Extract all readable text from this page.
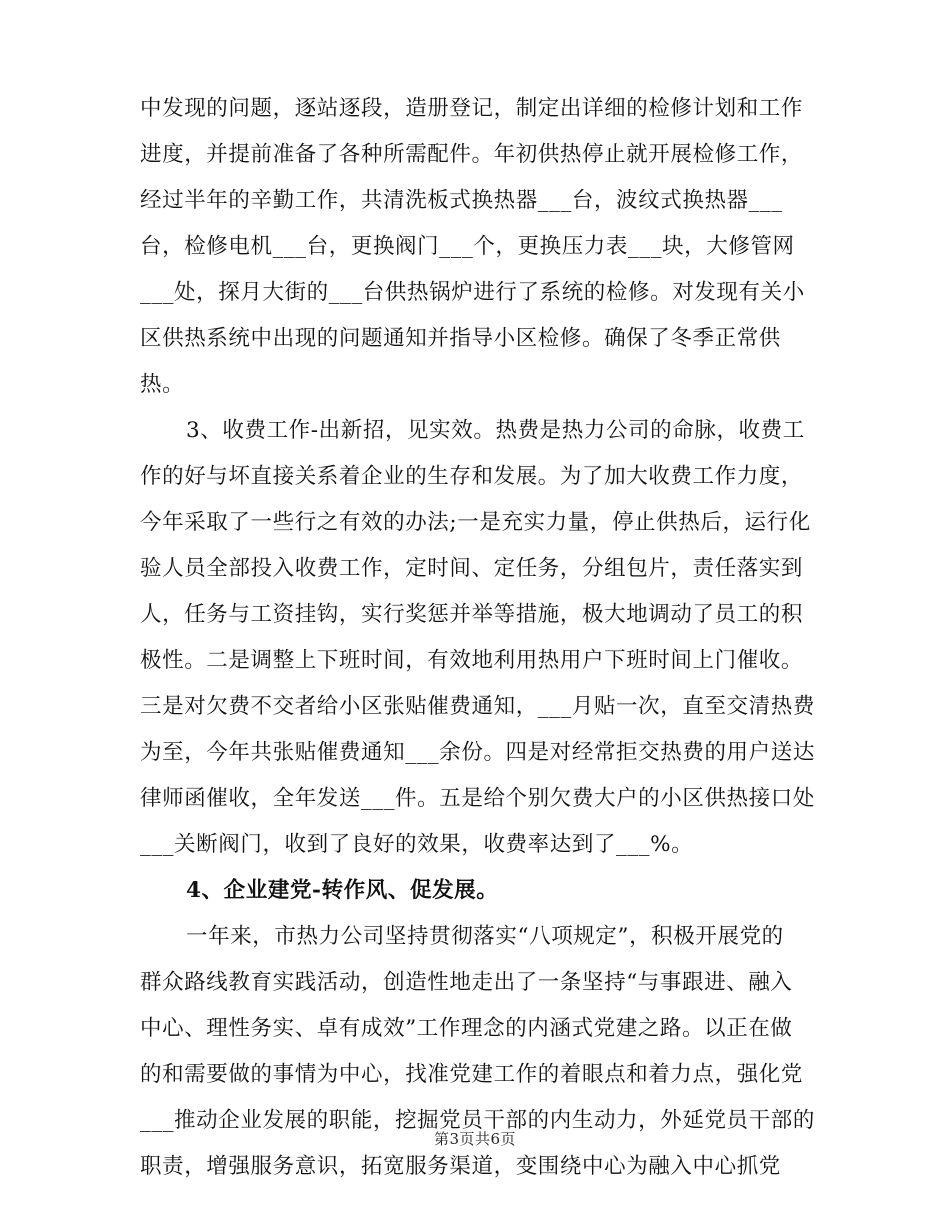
中发现的问题，逐站逐段，造册登记，制定出详细的检修计划和工作
进度，并提前准备了各种所需配件。年初供热停止就开展检修工作，
经过半年的辛勤工作，共清洗板式换热器___台，波纹式换热器___
台，检修电机___台，更换阀门___个，更换压力表___块，大修管网
___处，探月大街的___台供热锅炉进行了系统的检修。对发现有关小
区供热系统中出现的问题通知并指导小区检修。确保了冬季正常供
热。
3、收费工作-出新招，见实效。热费是热力公司的命脉，收费工
作的好与坏直接关系着企业的生存和发展。为了加大收费工作力度，
今年采取了一些行之有效的办法;一是充实力量，停止供热后，运行化
验人员全部投入收费工作，定时间、定任务，分组包片，责任落实到
人，任务与工资挂钩，实行奖惩并举等措施，极大地调动了员工的积
极性。二是调整上下班时间，有效地利用热用户下班时间上门催收。
三是对欠费不交者给小区张贴催费通知，___月贴一次，直至交清热费
为至，今年共张贴催费通知___余份。四是对经常拒交热费的用户送达
律师函催收，全年发送___件。五是给个别欠费大户的小区供热接口处
___关断阀门，收到了良好的效果，收费率达到了___%。
4、企业建党-转作风、促发展。
一年来，市热力公司坚持贯彻落实“八项规定”，积极开展党的
群众路线教育实践活动，创造性地走出了一条坚持“与事跟进、融入
中心、理性务实、卓有成效”工作理念的内涵式党建之路。以正在做
的和需要做的事情为中心，找准党建工作的着眼点和着力点，强化党
___推动企业发展的职能，挖掘党员干部的内生动力，外延党员干部的
职责，增强服务意识，拓宽服务渠道，变围绕中心为融入中心抓党
第3页共6页
